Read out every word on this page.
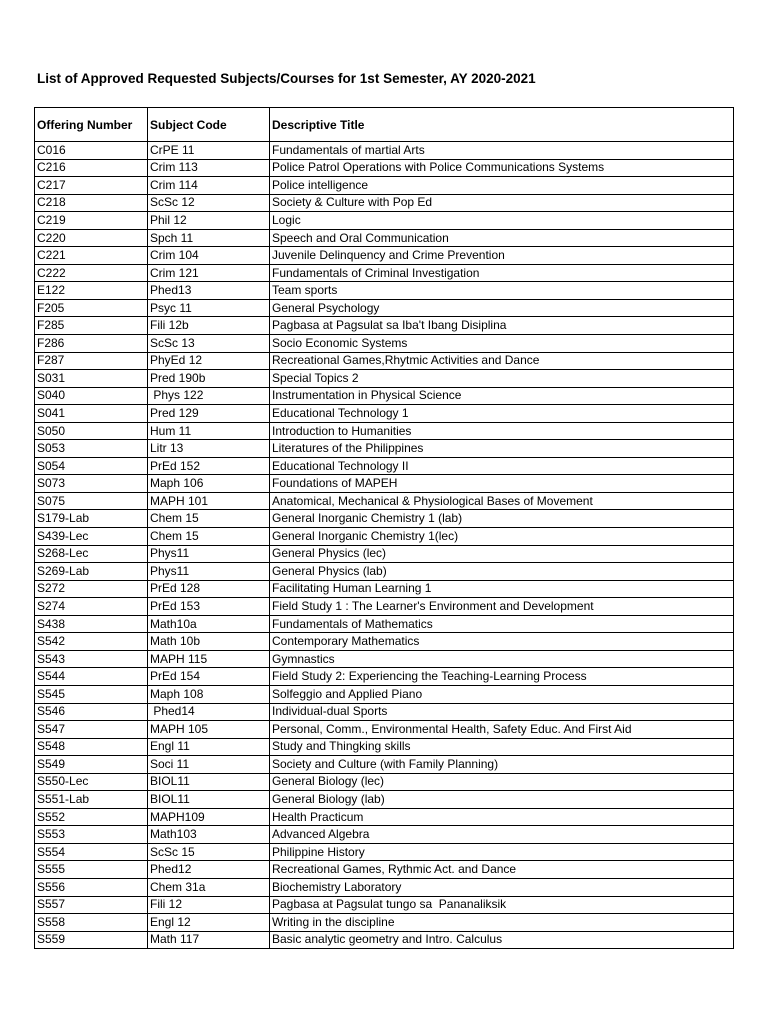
List of Approved Requested Subjects/Courses for 1st Semester, AY 2020-2021
Offering Number	Subject Code	Descriptive Title
C016	CrPE 11	Fundamentals of martial Arts
C216	Crim 113	Police Patrol Operations with Police Communications Systems
C217	Crim 114	Police intelligence
C218	ScSc 12	Society & Culture with Pop Ed
C219	Phil 12	Logic
C220	Spch 11	Speech and Oral Communication
C221	Crim 104	Juvenile Delinquency and Crime Prevention
C222	Crim 121	Fundamentals of Criminal Investigation
E122	Phed13	Team sports
F205	Psyc 11	General Psychology
F285	Fili 12b	Pagbasa at Pagsulat sa Iba't Ibang Disiplina
F286	ScSc 13	Socio Economic Systems
F287	PhyEd 12	Recreational Games,Rhytmic Activities and Dance
S031	Pred 190b	Special Topics 2
S040	Phys 122	Instrumentation in Physical Science
S041	Pred 129	Educational Technology 1
S050	Hum 11	Introduction to Humanities
S053	Litr 13	Literatures of the Philippines
S054	PrEd 152	Educational Technology II
S073	Maph 106	Foundations of MAPEH
S075	MAPH 101	Anatomical, Mechanical & Physiological Bases of Movement
S179-Lab	Chem 15	General Inorganic Chemistry 1 (lab)
S439-Lec	Chem 15	General Inorganic Chemistry 1(lec)
S268-Lec	Phys11	General Physics (lec)
S269-Lab	Phys11	General Physics (lab)
S272	PrEd 128	Facilitating Human Learning 1
S274	PrEd 153	Field Study 1 : The Learner's Environment and Development
S438	Math10a	Fundamentals of Mathematics
S542	Math 10b	Contemporary Mathematics
S543	MAPH 115	Gymnastics
S544	PrEd 154	Field Study 2: Experiencing the Teaching-Learning Process
S545	Maph 108	Solfeggio and Applied Piano
S546	Phed14	Individual-dual Sports
S547	MAPH 105	Personal, Comm., Environmental Health, Safety Educ. And First Aid
S548	Engl 11	Study and Thingking skills
S549	Soci 11	Society and Culture (with Family Planning)
S550-Lec	BIOL11	General Biology (lec)
S551-Lab	BIOL11	General Biology (lab)
S552	MAPH109	Health Practicum
S553	Math103	Advanced Algebra
S554	ScSc 15	Philippine History
S555	Phed12	Recreational Games, Rythmic Act. and Dance
S556	Chem 31a	Biochemistry Laboratory
S557	Fili 12	Pagbasa at Pagsulat tungo sa  Pananaliksik
S558	Engl 12	Writing in the discipline
S559	Math 117	Basic analytic geometry and Intro. Calculus
